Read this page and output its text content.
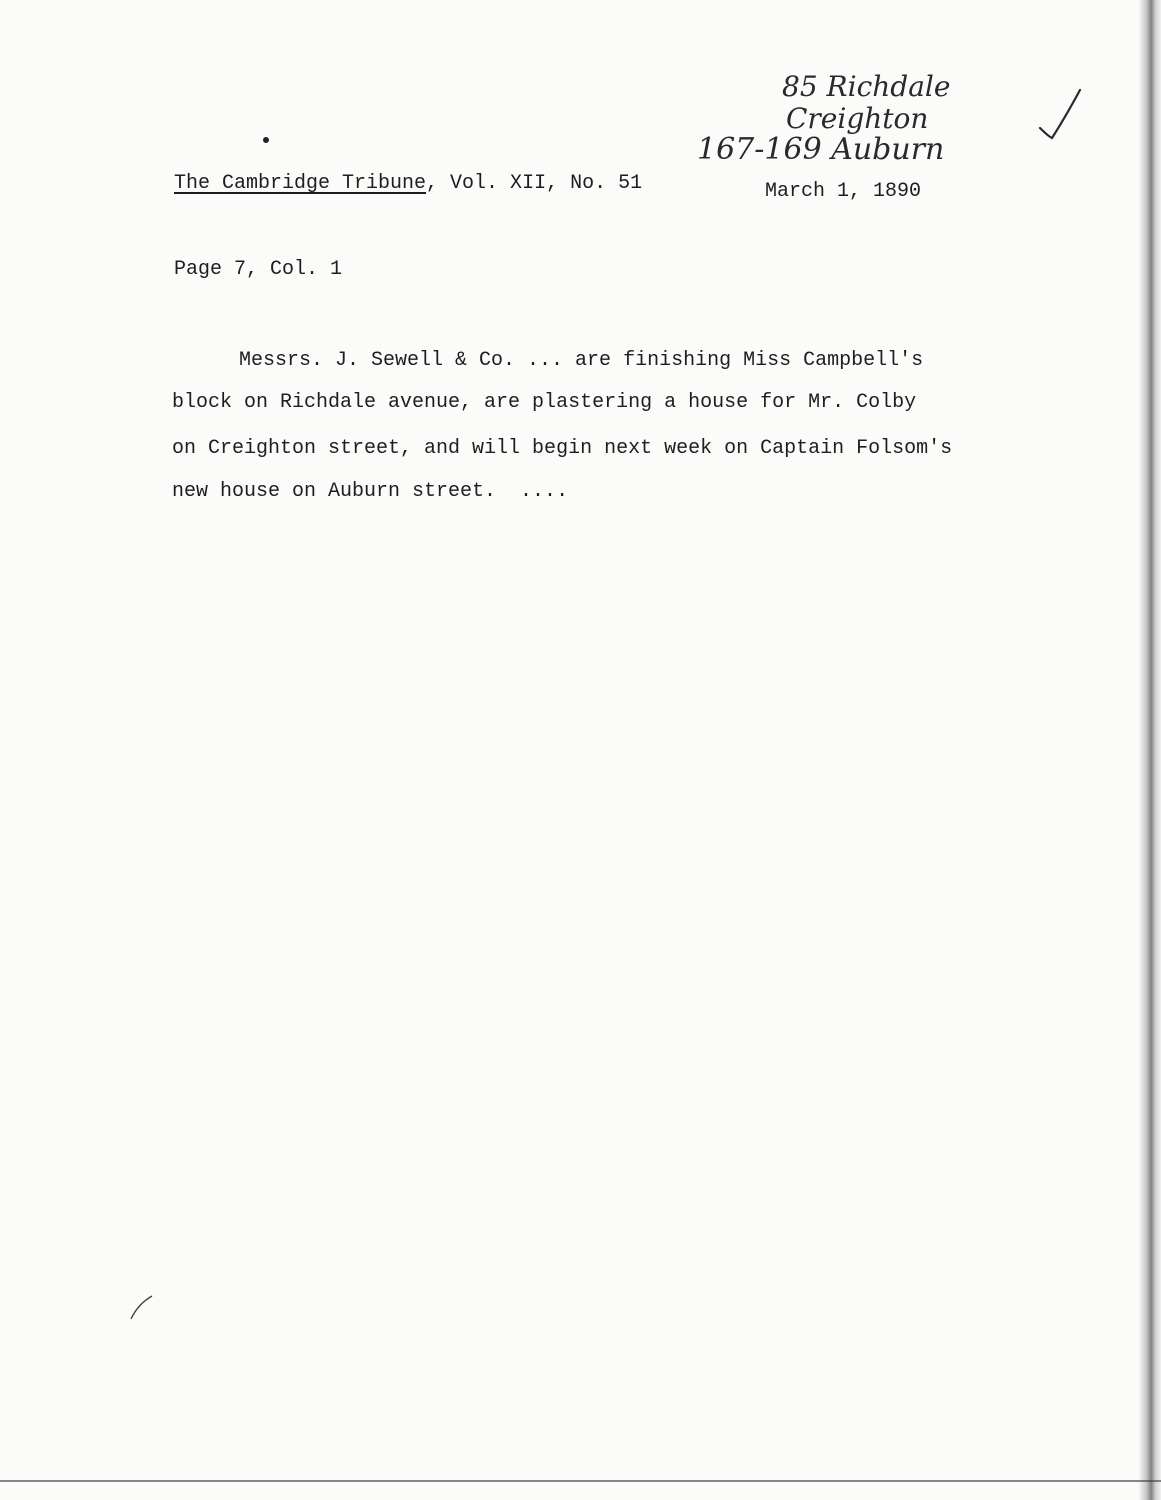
85 Richdale
Creighton
167-169 Auburn
The Cambridge Tribune, Vol. XII, No. 51	March 1, 1890
Page 7, Col. 1
Messrs. J. Sewell & Co. ... are finishing Miss Campbell's
block on Richdale avenue, are plastering a house for Mr. Colby
on Creighton street, and will begin next week on Captain Folsom's
new house on Auburn street.  ....
